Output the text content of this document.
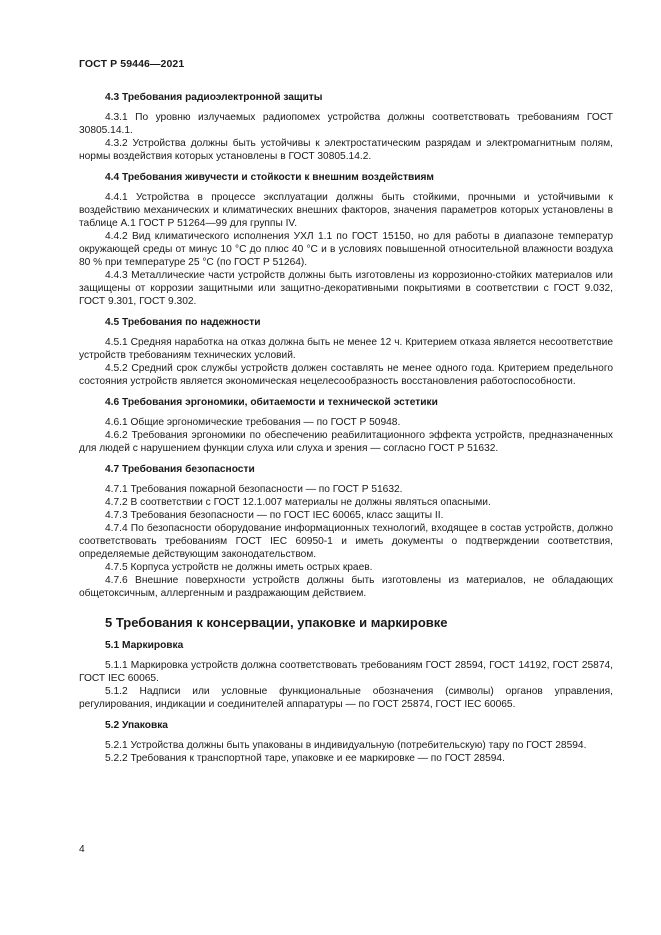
ГОСТ Р 59446—2021
4.3 Требования радиоэлектронной защиты

4.3.1 По уровню излучаемых радиопомех устройства должны соответствовать требованиям ГОСТ 30805.14.1.

4.3.2 Устройства должны быть устойчивы к электростатическим разрядам и электромагнитным полям, нормы воздействия которых установлены в ГОСТ 30805.14.2.

4.4 Требования живучести и стойкости к внешним воздействиям

4.4.1 Устройства в процессе эксплуатации должны быть стойкими, прочными и устойчивыми к воздействию механических и климатических внешних факторов, значения параметров которых установлены в таблице А.1 ГОСТ Р 51264—99 для группы IV.

4.4.2 Вид климатического исполнения УХЛ 1.1 по ГОСТ 15150, но для работы в диапазоне температур окружающей среды от минус 10 °С до плюс 40 °С и в условиях повышенной относительной влажности воздуха 80 % при температуре 25 °С (по ГОСТ Р 51264).

4.4.3 Металлические части устройств должны быть изготовлены из коррозионно-стойких материалов или защищены от коррозии защитными или защитно-декоративными покрытиями в соответствии с ГОСТ 9.032, ГОСТ 9.301, ГОСТ 9.302.

4.5 Требования по надежности

4.5.1 Средняя наработка на отказ должна быть не менее 12 ч. Критерием отказа является несоответствие устройств требованиям технических условий.

4.5.2 Средний срок службы устройств должен составлять не менее одного года. Критерием предельного состояния устройств является экономическая нецелесообразность восстановления работоспособности.

4.6 Требования эргономики, обитаемости и технической эстетики

4.6.1 Общие эргономические требования — по ГОСТ Р 50948.

4.6.2 Требования эргономики по обеспечению реабилитационного эффекта устройств, предназначенных для людей с нарушением функции слуха или слуха и зрения — согласно ГОСТ Р 51632.

4.7 Требования безопасности

4.7.1 Требования пожарной безопасности — по ГОСТ Р 51632.

4.7.2 В соответствии с ГОСТ 12.1.007 материалы не должны являться опасными.

4.7.3 Требования безопасности — по ГОСТ IEC 60065, класс защиты II.

4.7.4 По безопасности оборудование информационных технологий, входящее в состав устройств, должно соответствовать требованиям ГОСТ IEC 60950-1 и иметь документы о подтверждении соответствия, определяемые действующим законодательством.

4.7.5 Корпуса устройств не должны иметь острых краев.

4.7.6 Внешние поверхности устройств должны быть изготовлены из материалов, не обладающих общетоксичным, аллергенным и раздражающим действием.

5 Требования к консервации, упаковке и маркировке
5.1 Маркировка

5.1.1 Маркировка устройств должна соответствовать требованиям ГОСТ 28594, ГОСТ 14192, ГОСТ 25874, ГОСТ IEC 60065.

5.1.2 Надписи или условные функциональные обозначения (символы) органов управления, регулирования, индикации и соединителей аппаратуры — по ГОСТ 25874, ГОСТ IEC 60065.

5.2 Упаковка

5.2.1 Устройства должны быть упакованы в индивидуальную (потребительскую) тару по ГОСТ 28594.

5.2.2 Требования к транспортной таре, упаковке и ее маркировке — по ГОСТ 28594.

4
